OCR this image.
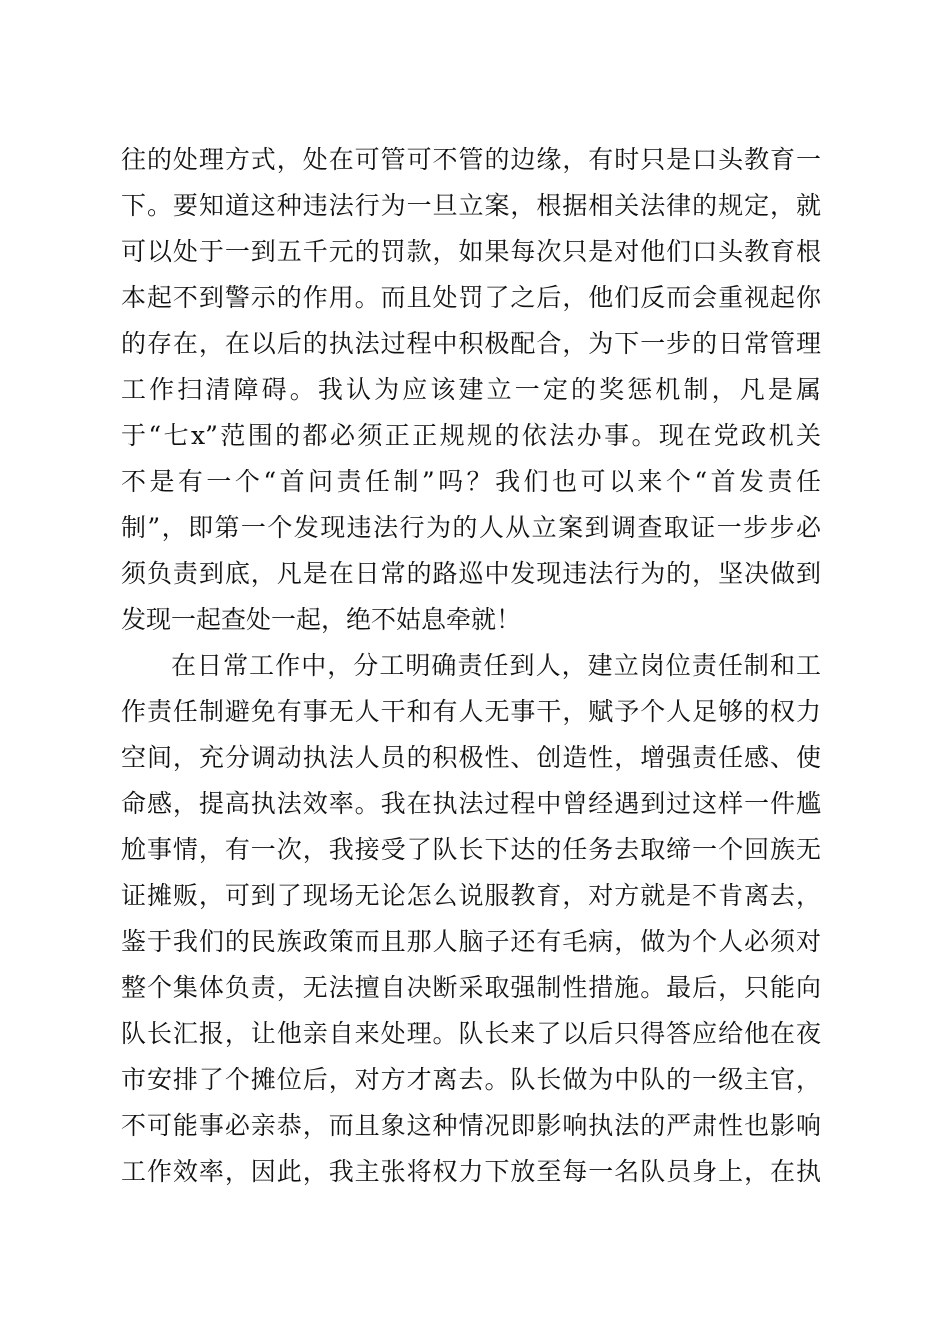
往的处理方式，处在可管可不管的边缘，有时只是口头教育一
下。要知道这种违法行为一旦立案，根据相关法律的规定，就
可以处于一到五千元的罚款，如果每次只是对他们口头教育根
本起不到警示的作用。而且处罚了之后，他们反而会重视起你
的存在，在以后的执法过程中积极配合，为下一步的日常管理
工作扫清障碍。我认为应该建立一定的奖惩机制，凡是属
于“七x”范围的都必须正正规规的依法办事。现在党政机关
不是有一个“首问责任制”吗？我们也可以来个“首发责任
制”，即第一个发现违法行为的人从立案到调查取证一步步必
须负责到底，凡是在日常的路巡中发现违法行为的，坚决做到
发现一起查处一起，绝不姑息牵就！
在日常工作中，分工明确责任到人，建立岗位责任制和工
作责任制避免有事无人干和有人无事干，赋予个人足够的权力
空间，充分调动执法人员的积极性、创造性，增强责任感、使
命感，提高执法效率。我在执法过程中曾经遇到过这样一件尴
尬事情，有一次，我接受了队长下达的任务去取缔一个回族无
证摊贩，可到了现场无论怎么说服教育，对方就是不肯离去，
鉴于我们的民族政策而且那人脑子还有毛病，做为个人必须对
整个集体负责，无法擅自决断采取强制性措施。最后，只能向
队长汇报，让他亲自来处理。队长来了以后只得答应给他在夜
市安排了个摊位后，对方才离去。队长做为中队的一级主官，
不可能事必亲恭，而且象这种情况即影响执法的严肃性也影响
工作效率，因此，我主张将权力下放至每一名队员身上，在执
